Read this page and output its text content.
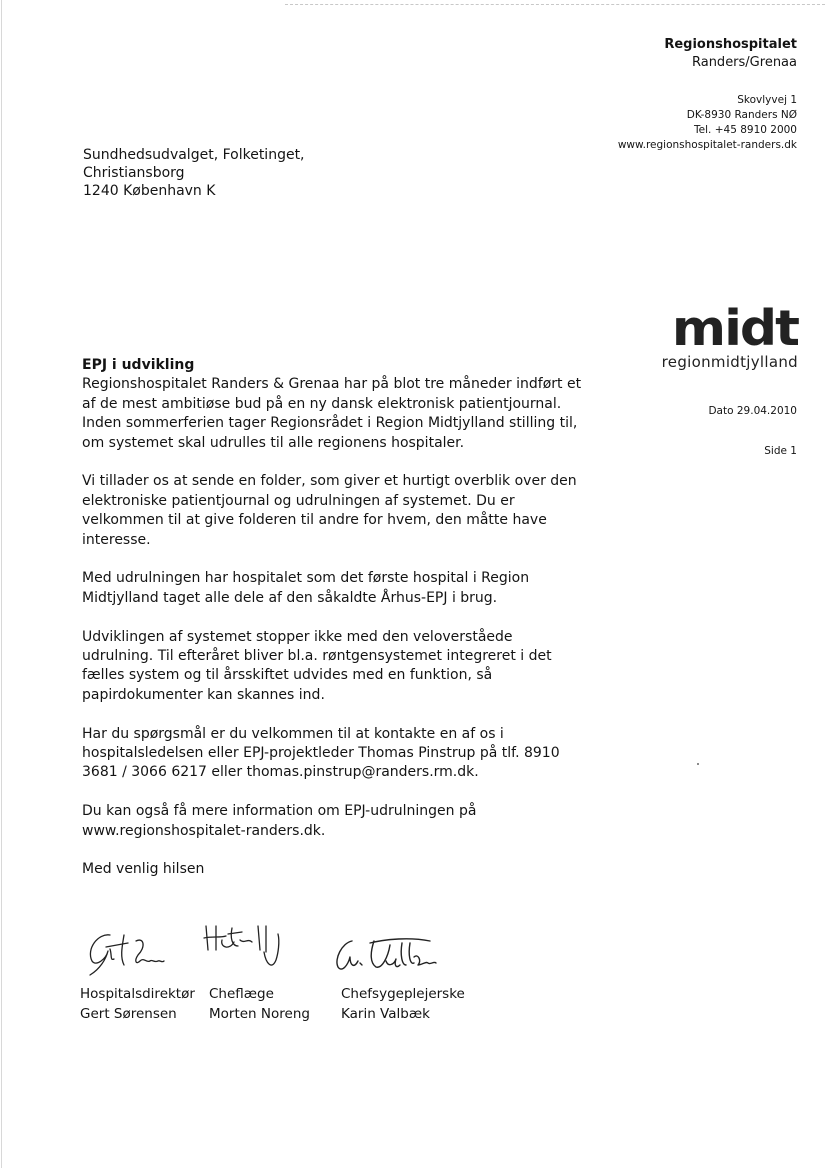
Regionshospitalet
Randers/Grenaa
Skovlyvej 1
DK-8930 Randers NØ
Tel. +45 8910 2000
www.regionshospitalet-randers.dk
Sundhedsudvalget, Folketinget,
Christiansborg
1240 København K
midt
regionmidtjylland
Dato 29.04.2010
Side 1
EPJ i udvikling

Regionshospitalet Randers & Grenaa har på blot tre måneder indført et af de mest ambitiøse bud på en ny dansk elektronisk patientjournal. Inden sommerferien tager Regionsrådet i Region Midtjylland stilling til, om systemet skal udrulles til alle regionens hospitaler.

Vi tillader os at sende en folder, som giver et hurtigt overblik over den elektroniske patientjournal og udrulningen af systemet. Du er velkommen til at give folderen til andre for hvem, den måtte have interesse.

Med udrulningen har hospitalet som det første hospital i Region Midtjylland taget alle dele af den såkaldte Århus-EPJ i brug.

Udviklingen af systemet stopper ikke med den veloverståede udrulning. Til efteråret bliver bl.a. røntgensystemet integreret i det fælles system og til årsskiftet udvides med en funktion, så papirdokumenter kan skannes ind.

Har du spørgsmål er du velkommen til at kontakte en af os i hospitalsledelsen eller EPJ-projektleder Thomas Pinstrup på tlf. 8910 3681 / 3066 6217 eller thomas.pinstrup@randers.rm.dk.

Du kan også få mere information om EPJ-udrulningen på www.regionshospitalet-randers.dk.

Med venlig hilsen

Hospitalsdirektør
Gert Sørensen
Cheflæge
Morten Noreng
Chefsygeplejerske
Karin Valbæk
